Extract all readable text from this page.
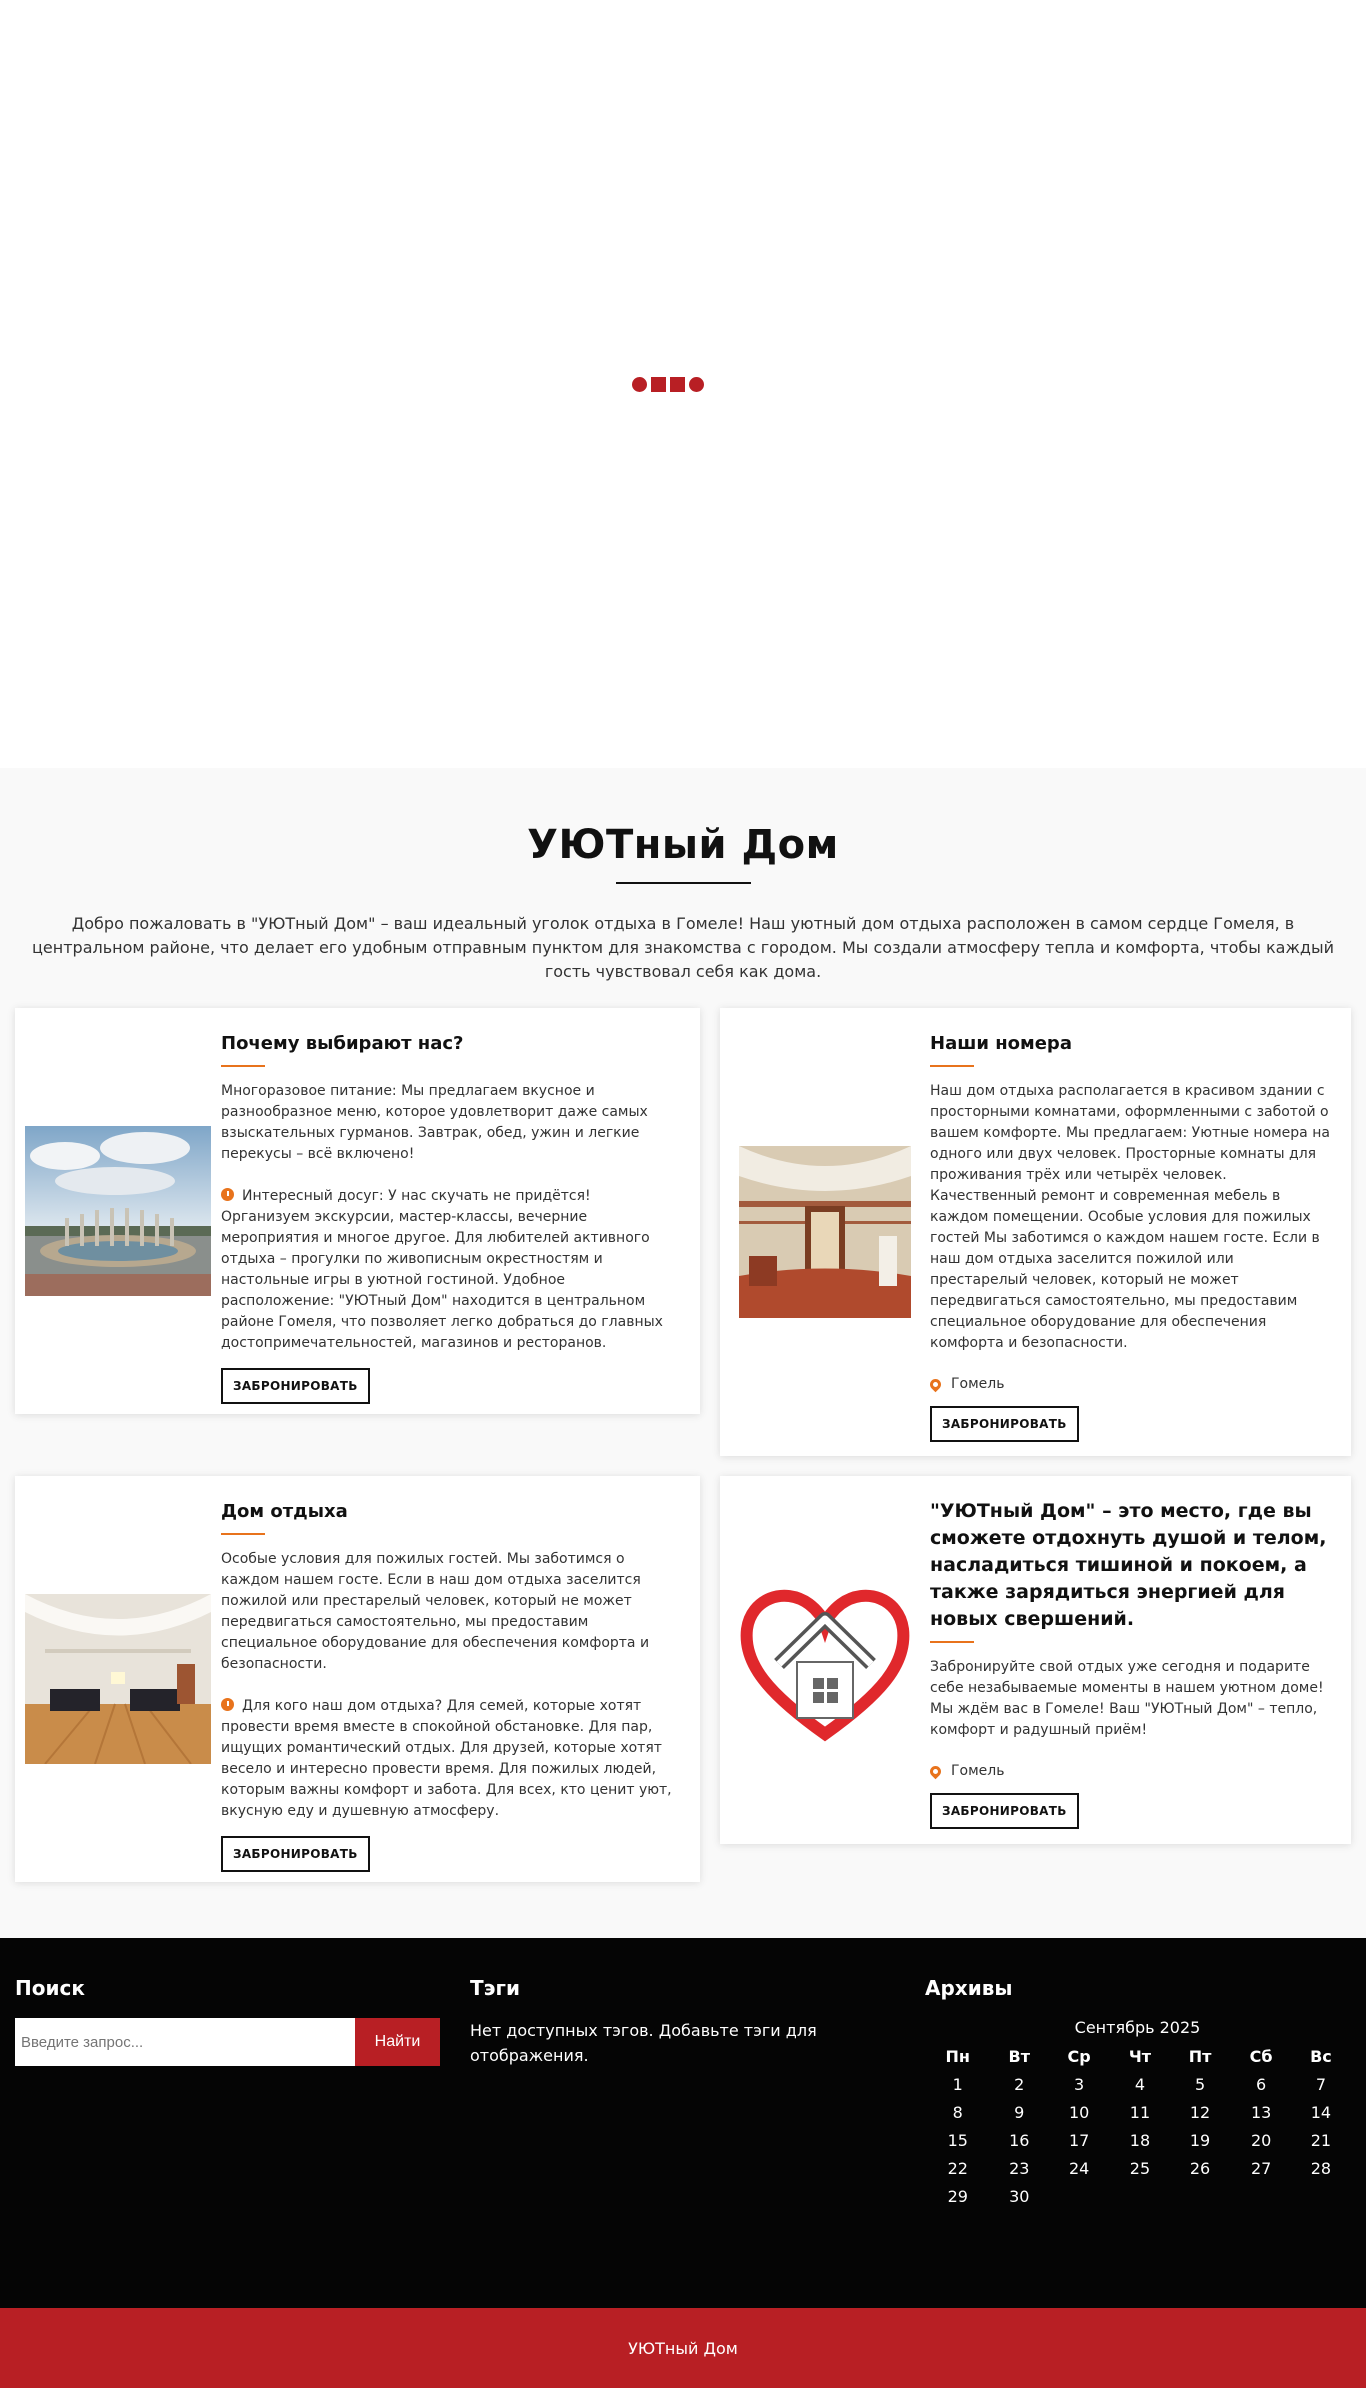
УЮТный Дом

Добро пожаловать в "УЮТный Дом" – ваш идеальный уголок отдыха в Гомеле! Наш уютный дом отдыха расположен в самом сердце Гомеля, в центральном районе, что делает его удобным отправным пунктом для знакомства с городом. Мы создали атмосферу тепла и комфорта, чтобы каждый гость чувствовал себя как дома.

Почему выбирают нас?

Многоразовое питание: Мы предлагаем вкусное и разнообразное меню, которое удовлетворит даже самых взыскательных гурманов. Завтрак, обед, ужин и легкие перекусы – всё включено!

Интересный досуг: У нас скучать не придётся! Организуем экскурсии, мастер-классы, вечерние мероприятия и многое другое. Для любителей активного отдыха – прогулки по живописным окрестностям и настольные игры в уютной гостиной. Удобное расположение: "УЮТный Дом" находится в центральном районе Гомеля, что позволяет легко добраться до главных достопримечательностей, магазинов и ресторанов.

ЗАБРОНИРОВАТЬ
Наши номера

Наш дом отдыха располагается в красивом здании с просторными комнатами, оформленными с заботой о вашем комфорте. Мы предлагаем: Уютные номера на одного или двух человек. Просторные комнаты для проживания трёх или четырёх человек. Качественный ремонт и современная мебель в каждом помещении. Особые условия для пожилых гостей Мы заботимся о каждом нашем госте. Если в наш дом отдыха заселится пожилой или престарелый человек, который не может передвигаться самостоятельно, мы предоставим специальное оборудование для обеспечения комфорта и безопасности.

Гомель
ЗАБРОНИРОВАТЬ
Дом отдыха

Особые условия для пожилых гостей. Мы заботимся о каждом нашем госте. Если в наш дом отдыха заселится пожилой или престарелый человек, который не может передвигаться самостоятельно, мы предоставим специальное оборудование для обеспечения комфорта и безопасности.

Для кого наш дом отдыха? Для семей, которые хотят провести время вместе в спокойной обстановке. Для пар, ищущих романтический отдых. Для друзей, которые хотят весело и интересно провести время. Для пожилых людей, которым важны комфорт и забота. Для всех, кто ценит уют, вкусную еду и душевную атмосферу.

ЗАБРОНИРОВАТЬ
"УЮТный Дом" – это место, где вы сможете отдохнуть душой и телом, насладиться тишиной и покоем, а также зарядиться энергией для новых свершений.

Забронируйте свой отдых уже сегодня и подарите себе незабываемые моменты в нашем уютном доме! Мы ждём вас в Гомеле! Ваш "УЮТный Дом" – тепло, комфорт и радушный приём!

Гомель
ЗАБРОНИРОВАТЬ
Поиск
Введите запрос...
Найти
Тэги

Нет доступных тэгов. Добавьте тэги для отображения.

Архивы
Сентябрь 2025
Пн	Вт	Ср	Чт	Пт	Сб	Вс
1	2	3	4	5	6	7
8	9	10	11	12	13	14
15	16	17	18	19	20	21
22	23	24	25	26	27	28
29	30					
УЮТный Дом
